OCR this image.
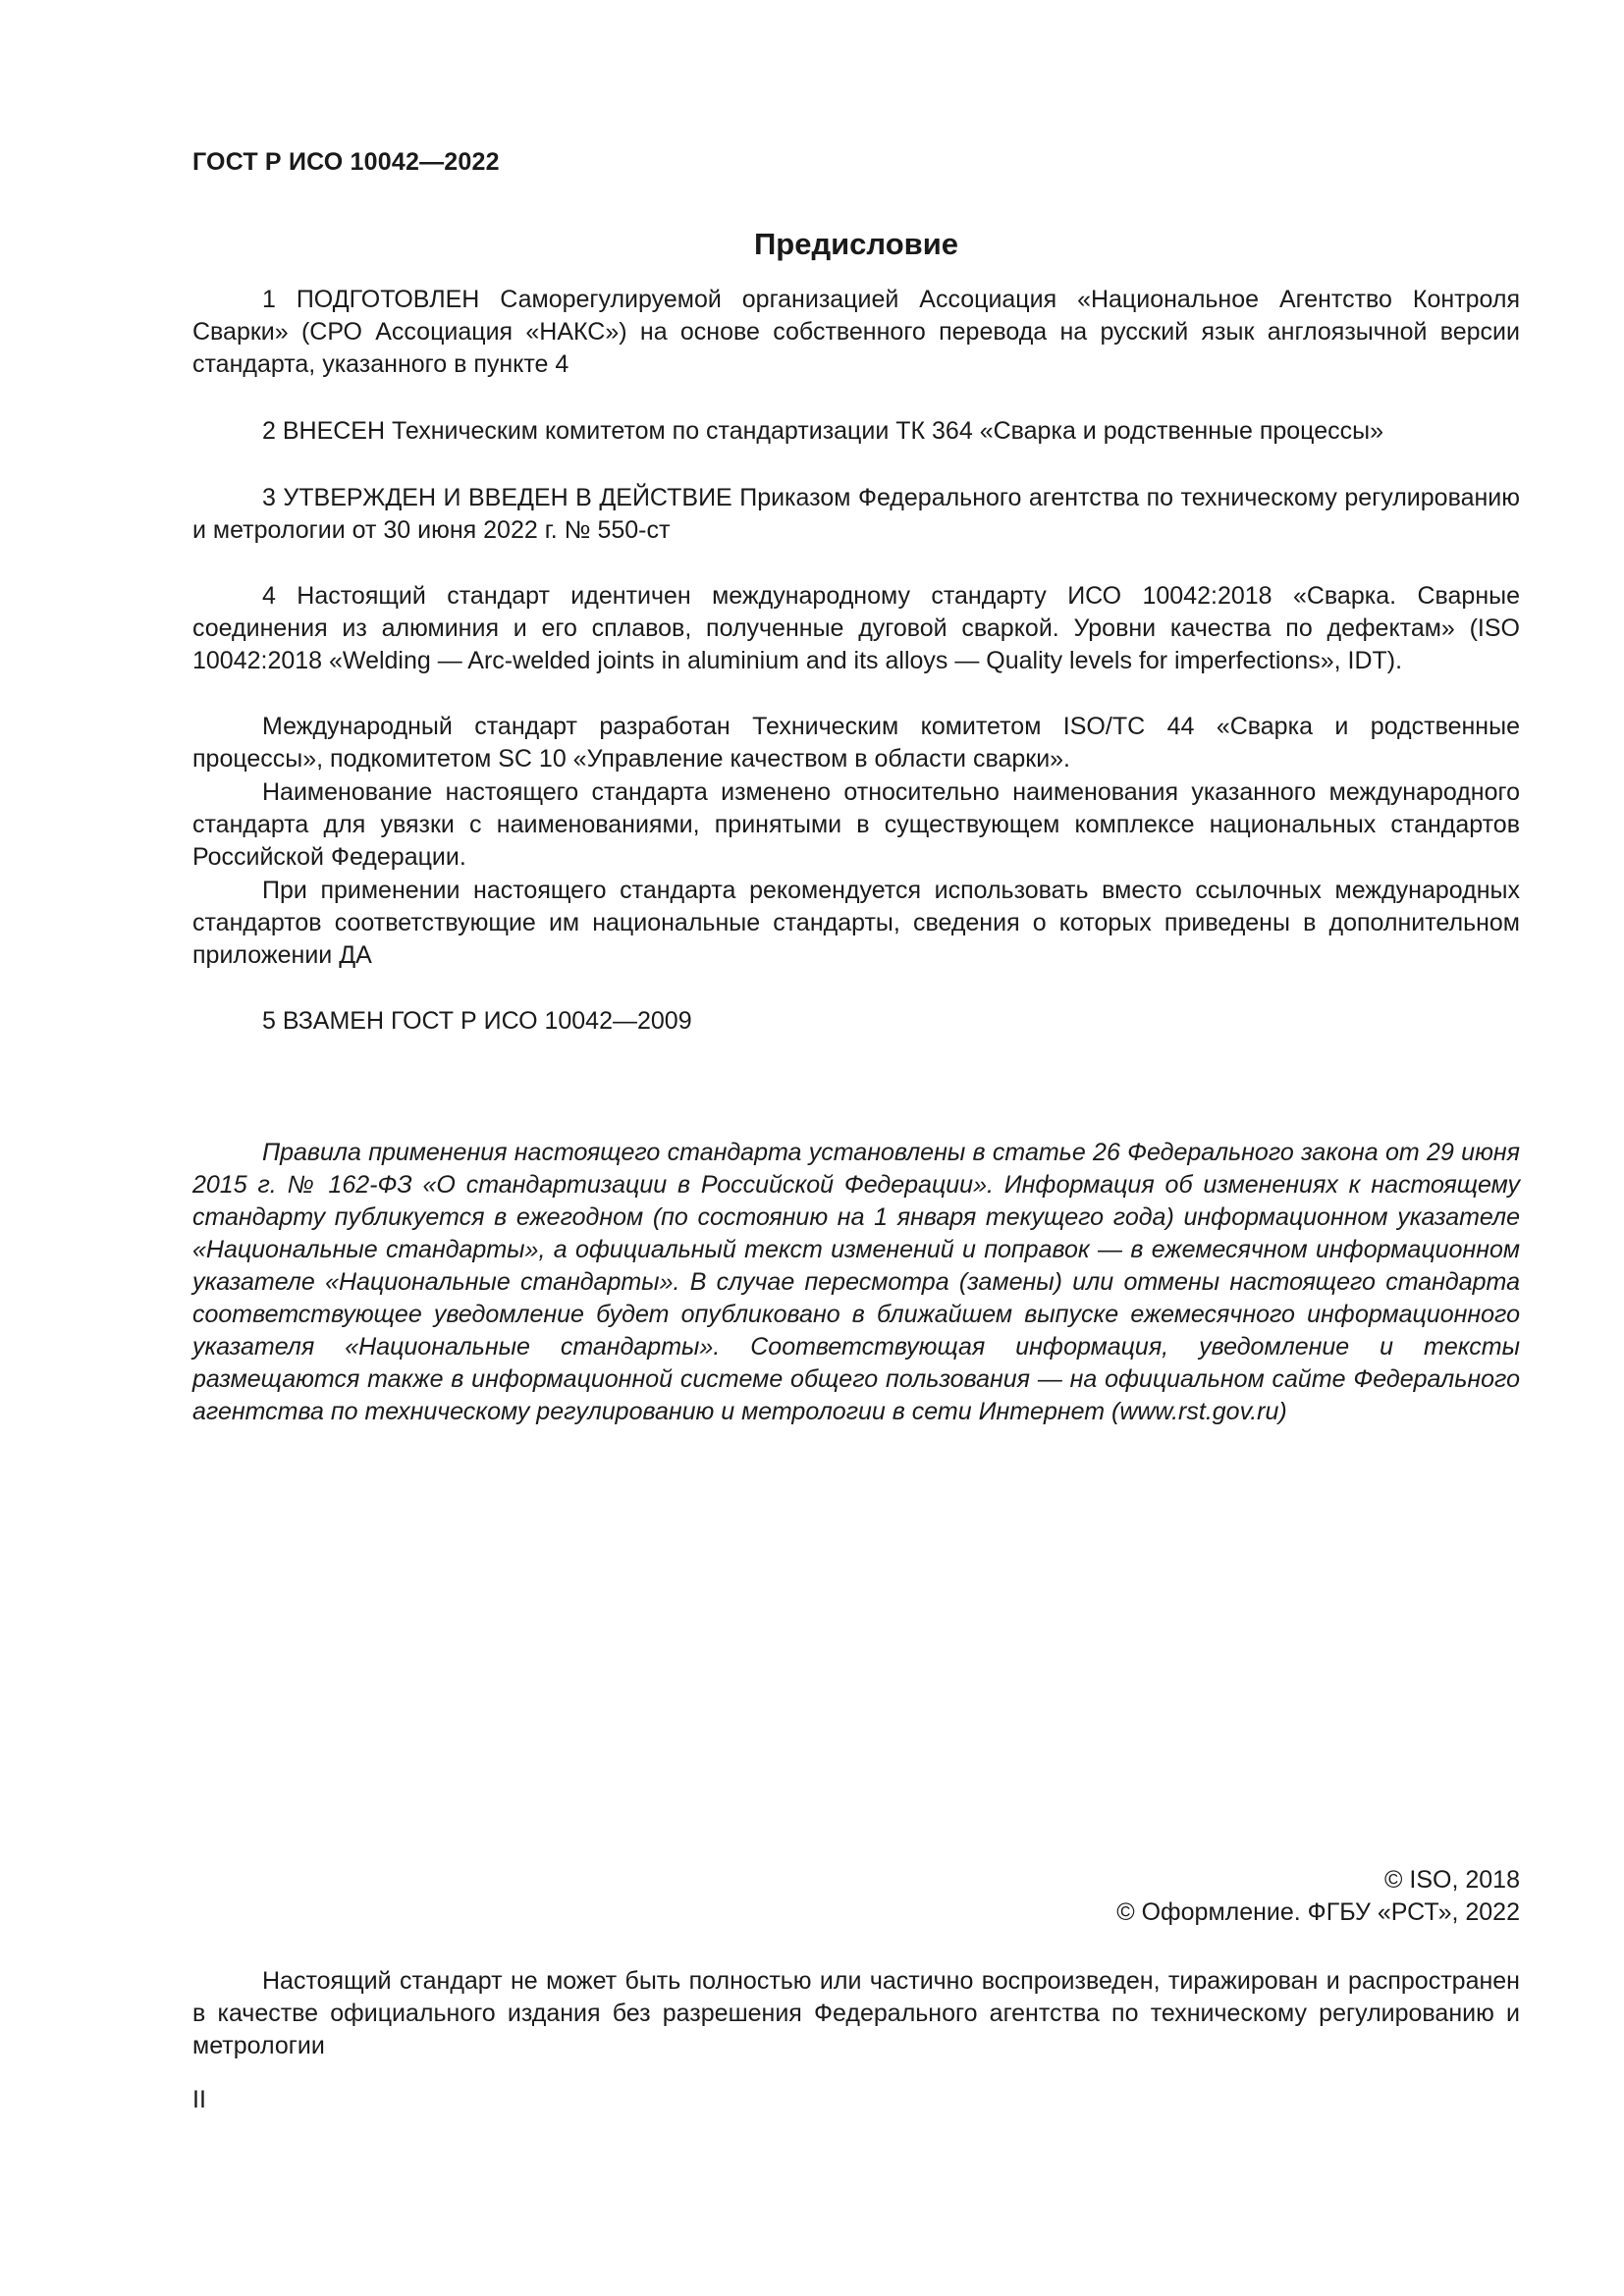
ГОСТ Р ИСО 10042—2022
Предисловие

1 ПОДГОТОВЛЕН Саморегулируемой организацией Ассоциация «Национальное Агентство Контроля Сварки» (СРО Ассоциация «НАКС») на основе собственного перевода на русский язык англоязычной версии стандарта, указанного в пункте 4

2 ВНЕСЕН Техническим комитетом по стандартизации ТК 364 «Сварка и родственные процессы»

3 УТВЕРЖДЕН И ВВЕДЕН В ДЕЙСТВИЕ Приказом Федерального агентства по техническому регулированию и метрологии от 30 июня 2022 г. № 550-ст

4 Настоящий стандарт идентичен международному стандарту ИСО 10042:2018 «Сварка. Сварные соединения из алюминия и его сплавов, полученные дуговой сваркой. Уровни качества по дефектам» (ISO 10042:2018 «Welding — Arc-welded joints in aluminium and its alloys — Quality levels for imperfections», IDT).

Международный стандарт разработан Техническим комитетом ISO/TC 44 «Сварка и родственные процессы», подкомитетом SC 10 «Управление качеством в области сварки».

Наименование настоящего стандарта изменено относительно наименования указанного международного стандарта для увязки с наименованиями, принятыми в существующем комплексе национальных стандартов Российской Федерации.

При применении настоящего стандарта рекомендуется использовать вместо ссылочных международных стандартов соответствующие им национальные стандарты, сведения о которых приведены в дополнительном приложении ДА

5 ВЗАМЕН ГОСТ Р ИСО 10042—2009

Правила применения настоящего стандарта установлены в статье 26 Федерального закона от 29 июня 2015 г. № 162-ФЗ «О стандартизации в Российской Федерации». Информация об изменениях к настоящему стандарту публикуется в ежегодном (по состоянию на 1 января текущего года) информационном указателе «Национальные стандарты», а официальный текст изменений и поправок — в ежемесячном информационном указателе «Национальные стандарты». В случае пересмотра (замены) или отмены настоящего стандарта соответствующее уведомление будет опубликовано в ближайшем выпуске ежемесячного информационного указателя «Национальные стандарты». Соответствующая информация, уведомление и тексты размещаются также в информационной системе общего пользования — на официальном сайте Федерального агентства по техническому регулированию и метрологии в сети Интернет (www.rst.gov.ru)

© ISO, 2018
© Оформление. ФГБУ «РСТ», 2022

Настоящий стандарт не может быть полностью или частично воспроизведен, тиражирован и распространен в качестве официального издания без разрешения Федерального агентства по техническому регулированию и метрологии

II
